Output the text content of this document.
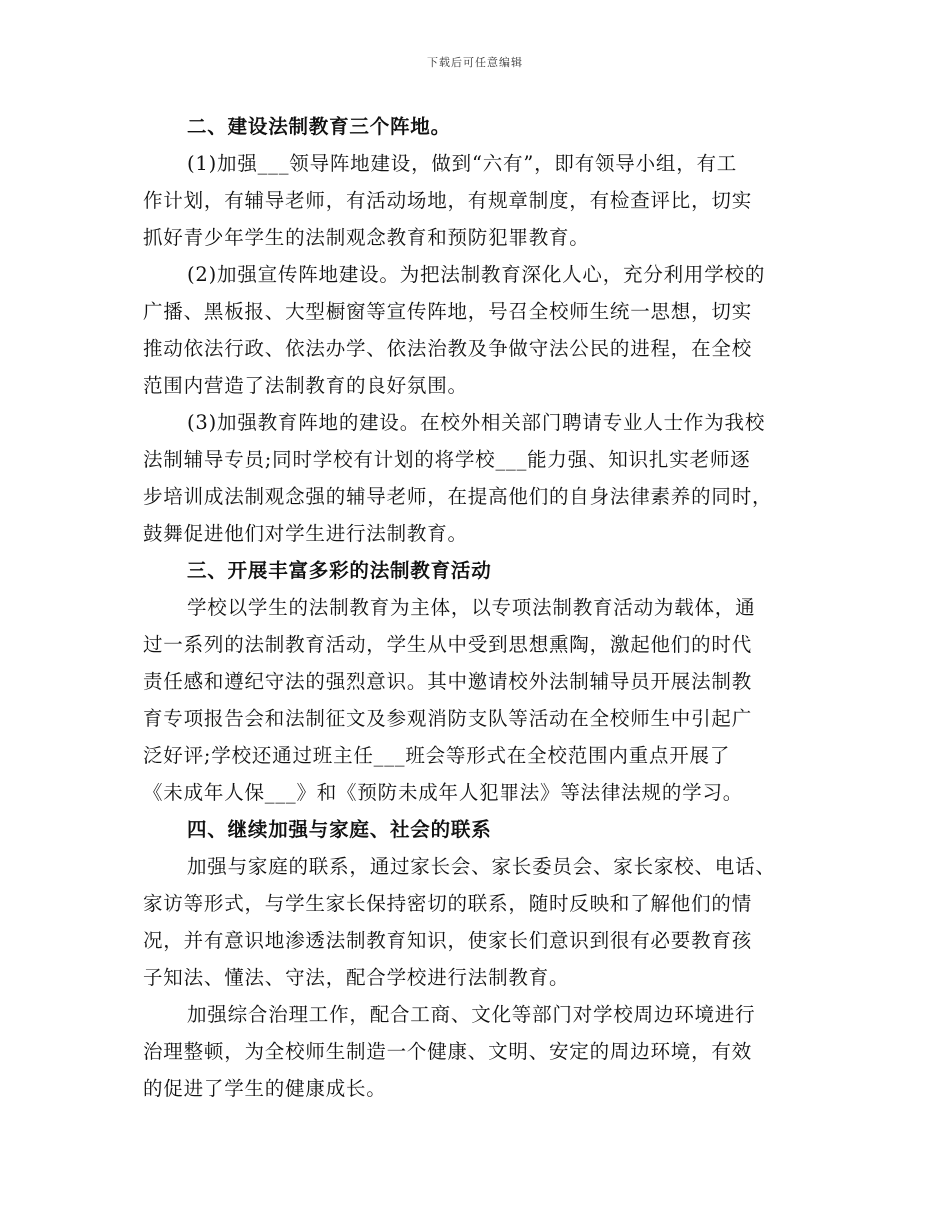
下载后可任意编辑
二、建设法制教育三个阵地。
(1)加强___领导阵地建设，做到“六有”，即有领导小组，有工
作计划，有辅导老师，有活动场地，有规章制度，有检查评比，切实
抓好青少年学生的法制观念教育和预防犯罪教育。
(2)加强宣传阵地建设。为把法制教育深化人心，充分利用学校的
广播、黑板报、大型橱窗等宣传阵地，号召全校师生统一思想，切实
推动依法行政、依法办学、依法治教及争做守法公民的进程，在全校
范围内营造了法制教育的良好氛围。
(3)加强教育阵地的建设。在校外相关部门聘请专业人士作为我校
法制辅导专员;同时学校有计划的将学校___能力强、知识扎实老师逐
步培训成法制观念强的辅导老师，在提高他们的自身法律素养的同时，
鼓舞促进他们对学生进行法制教育。
三、开展丰富多彩的法制教育活动
学校以学生的法制教育为主体，以专项法制教育活动为载体，通
过一系列的法制教育活动，学生从中受到思想熏陶，激起他们的时代
责任感和遵纪守法的强烈意识。其中邀请校外法制辅导员开展法制教
育专项报告会和法制征文及参观消防支队等活动在全校师生中引起广
泛好评;学校还通过班主任___班会等形式在全校范围内重点开展了
《未成年人保___》和《预防未成年人犯罪法》等法律法规的学习。
四、继续加强与家庭、社会的联系
加强与家庭的联系，通过家长会、家长委员会、家长家校、电话、
家访等形式，与学生家长保持密切的联系，随时反映和了解他们的情
况，并有意识地渗透法制教育知识，使家长们意识到很有必要教育孩
子知法、懂法、守法，配合学校进行法制教育。
加强综合治理工作，配合工商、文化等部门对学校周边环境进行
治理整顿，为全校师生制造一个健康、文明、安定的周边环境，有效
的促进了学生的健康成长。
